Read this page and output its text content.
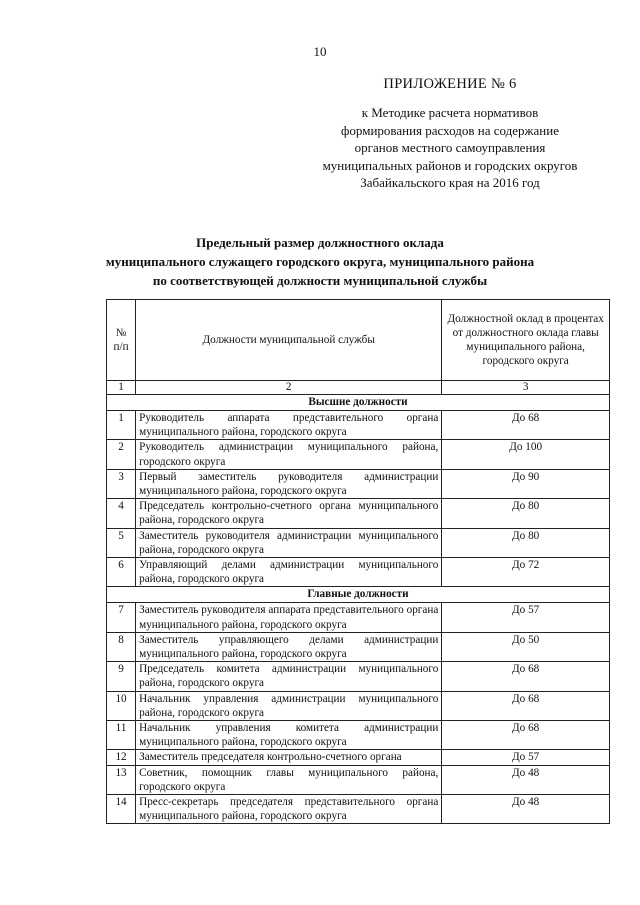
10
ПРИЛОЖЕНИЕ № 6
к Методике расчета нормативов
формирования расходов на содержание
органов местного самоуправления
муниципальных районов и городских округов
Забайкальского края на 2016 год
Предельный размер должностного оклада
муниципального служащего городского округа, муниципального района
по соответствующей должности муниципальной службы
№ п/п	Должности муниципальной службы	Должностной оклад в процентах от должностного оклада главы муниципального района, городского округа
1	2	3
Высшие должности		
1	Руководитель аппарата представительного органа муниципального района, городского округа	До 68
2	Руководитель администрации муниципального района, городского округа	До 100
3	Первый заместитель руководителя администрации муниципального района, городского округа	До 90
4	Председатель контрольно-счетного органа муниципального района, городского округа	До 80
5	Заместитель руководителя администрации муниципального района, городского округа	До 80
6	Управляющий делами администрации муниципального района, городского округа	До 72
Главные должности		
7	Заместитель руководителя аппарата представительного органа муниципального района, городского округа	До 57
8	Заместитель управляющего делами администрации муниципального района, городского округа	До 50
9	Председатель комитета администрации муниципального района, городского округа	До 68
10	Начальник управления администрации муниципального района, городского округа	До 68
11	Начальник управления комитета администрации муниципального района, городского округа	До 68
12	Заместитель председателя контрольно-счетного органа	До 57
13	Советник, помощник главы муниципального района, городского округа	До 48
14	Пресс-секретарь председателя представительного органа муниципального района, городского округа	До 48
